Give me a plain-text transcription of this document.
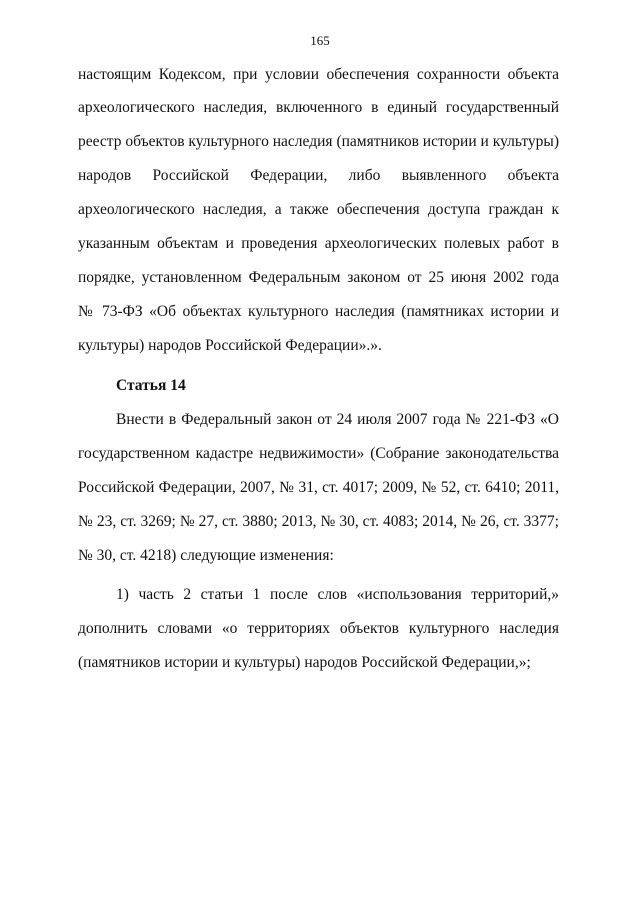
165
настоящим Кодексом, при условии обеспечения сохранности объекта
археологического наследия, включенного в единый государственный
реестр объектов культурного наследия (памятников истории и культуры)
народов Российской Федерации, либо выявленного объекта
археологического наследия, а также обеспечения доступа граждан к
указанным объектам и проведения археологических полевых работ в
порядке, установленном Федеральным законом от 25 июня 2002 года
№ 73-ФЗ «Об объектах культурного наследия (памятниках истории и
культуры) народов Российской Федерации».».
Статья 14
Внести в Федеральный закон от 24 июля 2007 года № 221-ФЗ «О
государственном кадастре недвижимости» (Собрание законодательства
Российской Федерации, 2007, № 31, ст. 4017; 2009, № 52, ст. 6410; 2011,
№ 23, ст. 3269; № 27, ст. 3880; 2013, № 30, ст. 4083; 2014, № 26, ст. 3377;
№ 30, ст. 4218) следующие изменения:
1) часть 2 статьи 1 после слов «использования территорий,»
дополнить словами «о территориях объектов культурного наследия
(памятников истории и культуры) народов Российской Федерации,»;
